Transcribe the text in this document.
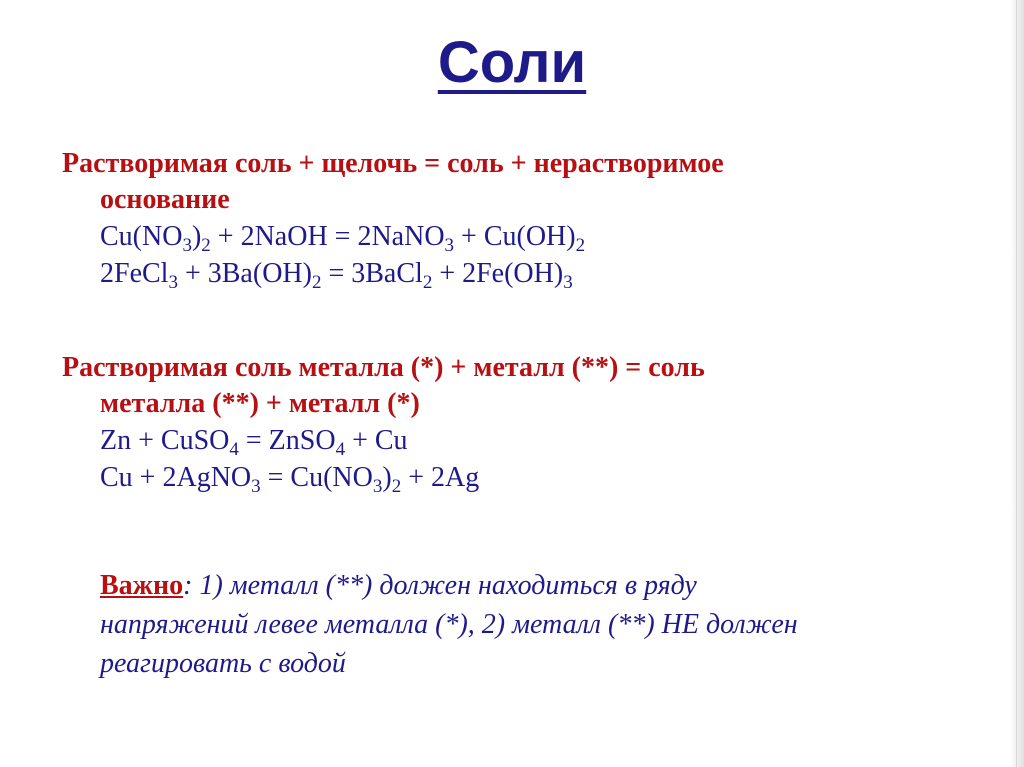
Соли
Растворимая соль + щелочь = соль + нерастворимое
основание
$Cu(NO_3)_2$ + 2NaOH = 2NaNO$_3$ + $Cu(OH)_2$
2FeCl$_3$ + $3Ba(OH)_2$ = 3BaCl$_2$ + $2Fe(OH)_3$
Растворимая соль металла (*) + металл (**) = соль
металла (**) + металл (*)
Zn + CuSO$_4$ = ZnSO$_4$ + Cu
Cu + 2AgNO$_3$ = $Cu(NO_3)_2 + 2Ag$
Важно: 1) металл (**) должен находиться в ряду
напряжений левее металла (*), 2) металл (**) НЕ должен
реагировать с водой
